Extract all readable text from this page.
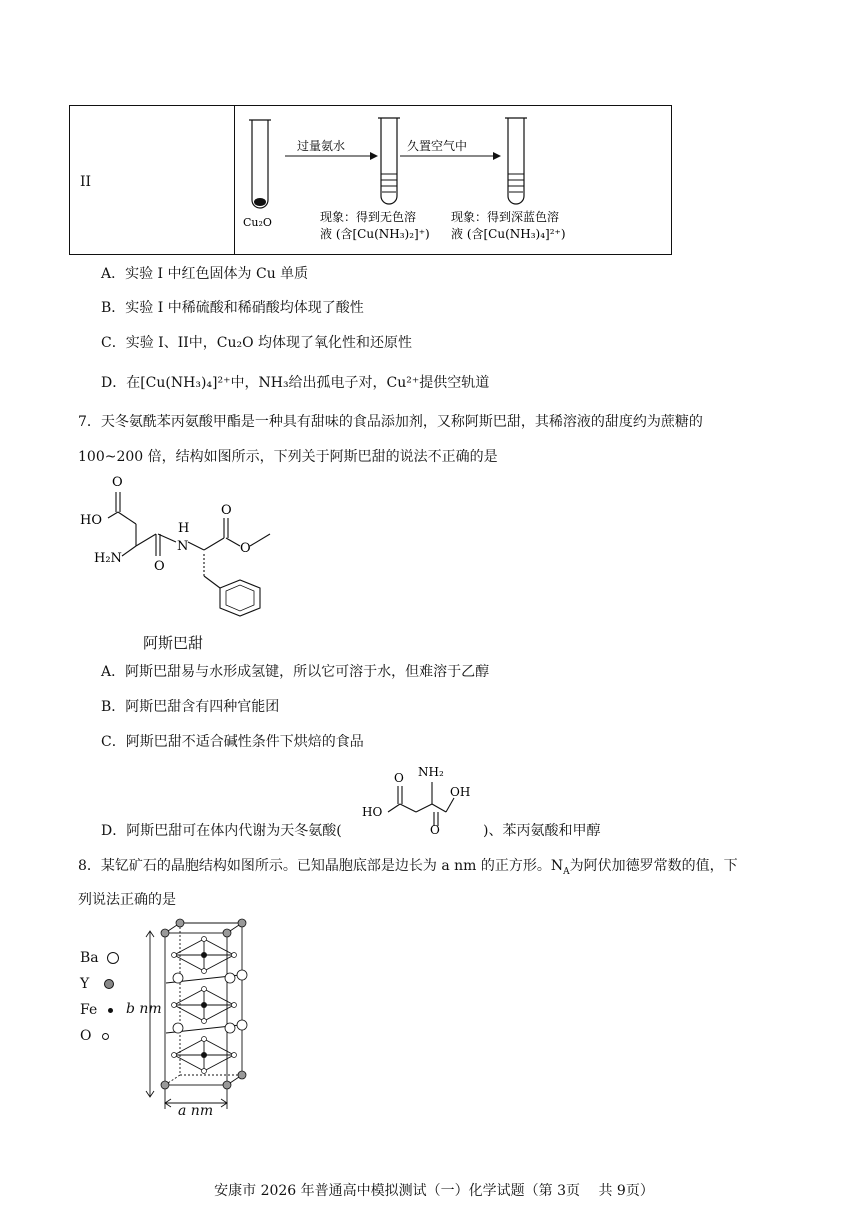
II
Cu₂O
过量氨水	久置空气中
现象：得到无色溶
液 (含[Cu(NH₃)₂]⁺)
现象：得到深蓝色溶
液 (含[Cu(NH₃)₄]²⁺)
A．实验 I 中红色固体为 Cu 单质
B．实验 I 中稀硫酸和稀硝酸均体现了酸性
C．实验 I、II中，Cu₂O 均体现了氧化性和还原性
D．在[Cu(NH₃)₄]²⁺中，NH₃给出孤电子对，Cu²⁺提供空轨道
7．天冬氨酰苯丙氨酸甲酯是一种具有甜味的食品添加剂，又称阿斯巴甜，其稀溶液的甜度约为蔗糖的
100~200 倍，结构如图所示，下列关于阿斯巴甜的说法不正确的是
O
HO
H₂N
H
N
O
O
O
阿斯巴甜
A．阿斯巴甜易与水形成氢键，所以它可溶于水，但难溶于乙醇
B．阿斯巴甜含有四种官能团
C．阿斯巴甜不适合碱性条件下烘焙的食品
O NH₂
OH
HO
O
D．阿斯巴甜可在体内代谢为天冬氨酸(	)、苯丙氨酸和甲醇
8．某钇矿石的晶胞结构如图所示。已知晶胞底部是边长为 a nm 的正方形。$N_A$为阿伏加德罗常数的值，下
列说法正确的是
Ba
Y
Fe
O
b nm
a nm
安康市 2026 年普通高中模拟测试（一）化学试题（第 3页　 共 9页）
